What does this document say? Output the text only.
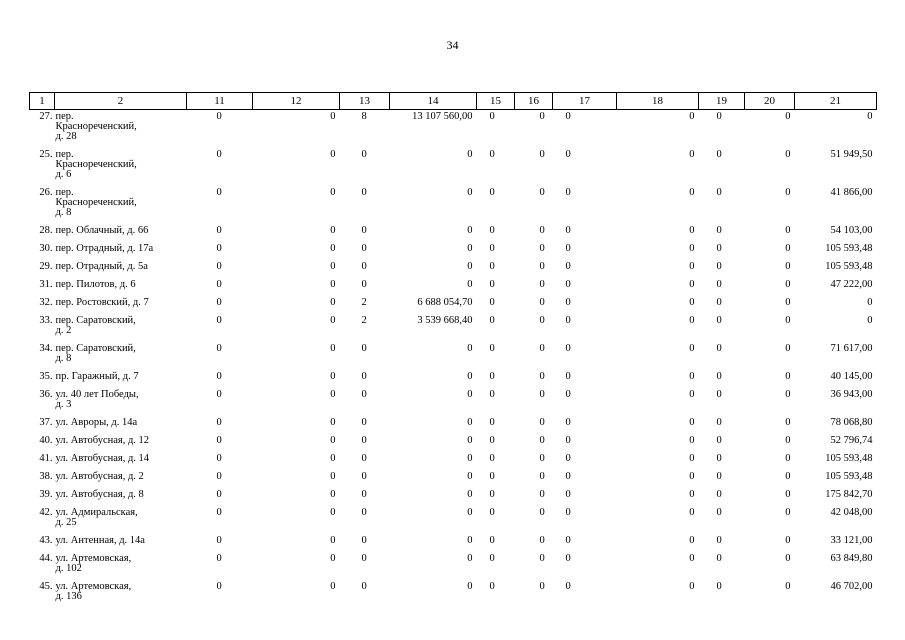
34
1	2	11	12	13	14	15	16	17	18	19	20	21
27.	пер.
Краснореченский,
д. 28	0	0	8	13 107 560,00	0	0	0	0	0	0	0
25.	пер.
Краснореченский,
д. 6	0	0	0	0	0	0	0	0	0	0	51 949,50
26.	пер.
Краснореченский,
д. 8	0	0	0	0	0	0	0	0	0	0	41 866,00
28.	пер. Облачный, д. 66	0	0	0	0	0	0	0	0	0	0	54 103,00
30.	пер. Отрадный, д. 17а	0	0	0	0	0	0	0	0	0	0	105 593,48
29.	пер. Отрадный, д. 5а	0	0	0	0	0	0	0	0	0	0	105 593,48
31.	пер. Пилотов, д. 6	0	0	0	0	0	0	0	0	0	0	47 222,00
32.	пер. Ростовский, д. 7	0	0	2	6 688 054,70	0	0	0	0	0	0	0
33.	пер. Саратовский,
д. 2	0	0	2	3 539 668,40	0	0	0	0	0	0	0
34.	пер. Саратовский,
д. 8	0	0	0	0	0	0	0	0	0	0	71 617,00
35.	пр. Гаражный, д. 7	0	0	0	0	0	0	0	0	0	0	40 145,00
36.	ул. 40 лет Победы,
д. 3	0	0	0	0	0	0	0	0	0	0	36 943,00
37.	ул. Авроры, д. 14а	0	0	0	0	0	0	0	0	0	0	78 068,80
40.	ул. Автобусная, д. 12	0	0	0	0	0	0	0	0	0	0	52 796,74
41.	ул. Автобусная, д. 14	0	0	0	0	0	0	0	0	0	0	105 593,48
38.	ул. Автобусная, д. 2	0	0	0	0	0	0	0	0	0	0	105 593,48
39.	ул. Автобусная, д. 8	0	0	0	0	0	0	0	0	0	0	175 842,70
42.	ул. Адмиральская,
д. 25	0	0	0	0	0	0	0	0	0	0	42 048,00
43.	ул. Антенная, д. 14а	0	0	0	0	0	0	0	0	0	0	33 121,00
44.	ул. Артемовская,
д. 102	0	0	0	0	0	0	0	0	0	0	63 849,80
45.	ул. Артемовская,
д. 136	0	0	0	0	0	0	0	0	0	0	46 702,00
